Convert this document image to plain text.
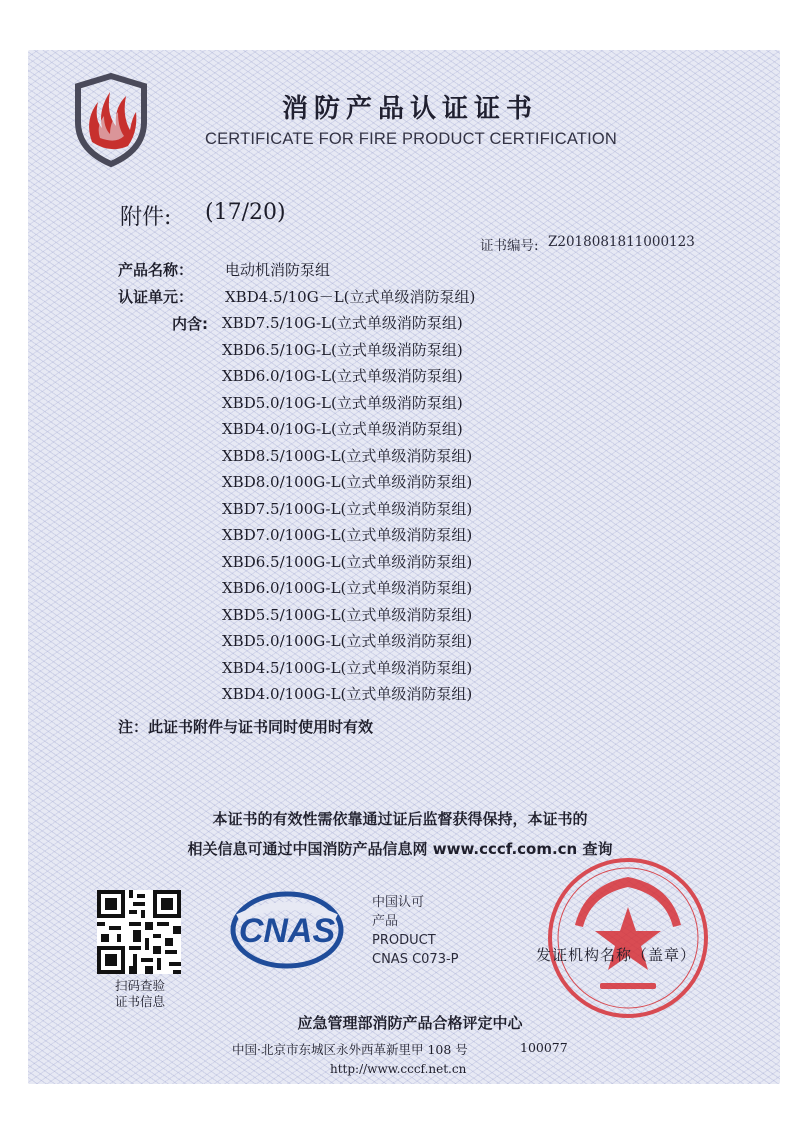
消防产品认证证书
CERTIFICATE FOR FIRE PRODUCT CERTIFICATION
附件: (17/20)
证书编号: Z2018081811000123
产品名称： 电动机消防泵组
认证单元： XBD4.5/10G－L(立式单级消防泵组)
内含: XBD7.5/10G-L(立式单级消防泵组)
XBD6.5/10G-L(立式单级消防泵组)
XBD6.0/10G-L(立式单级消防泵组)
XBD5.0/10G-L(立式单级消防泵组)
XBD4.0/10G-L(立式单级消防泵组)
XBD8.5/100G-L(立式单级消防泵组)
XBD8.0/100G-L(立式单级消防泵组)
XBD7.5/100G-L(立式单级消防泵组)
XBD7.0/100G-L(立式单级消防泵组)
XBD6.5/100G-L(立式单级消防泵组)
XBD6.0/100G-L(立式单级消防泵组)
XBD5.5/100G-L(立式单级消防泵组)
XBD5.0/100G-L(立式单级消防泵组)
XBD4.5/100G-L(立式单级消防泵组)
XBD4.0/100G-L(立式单级消防泵组)
注：此证书附件与证书同时使用时有效
本证书的有效性需依靠通过证后监督获得保持，本证书的
相关信息可通过中国消防产品信息网 www.cccf.com.cn 查询
扫码查验
证书信息
CNAS
中国认可
产品
PRODUCT
CNAS C073-P	发证机构名称（盖章）
应急管理部消防产品合格评定中心
中国·北京市东城区永外西革新里甲 108 号	100077
http://www.cccf.net.cn
